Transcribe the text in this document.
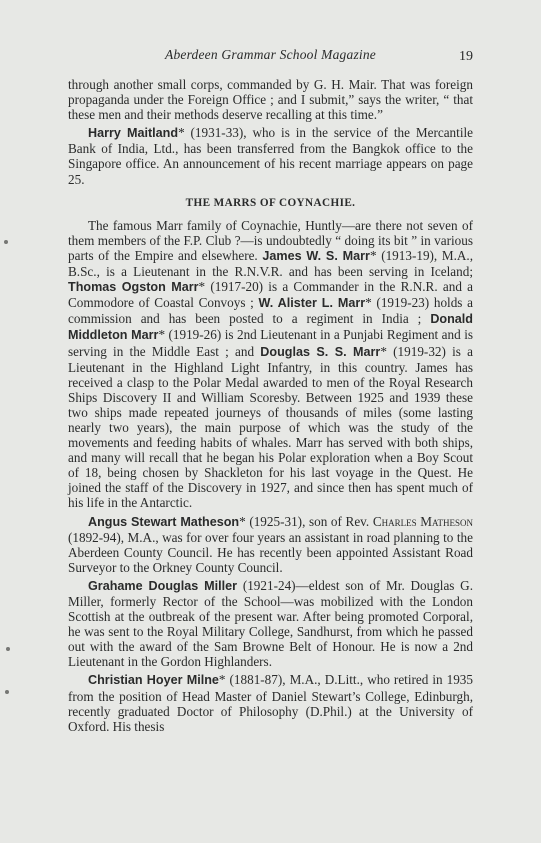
Aberdeen Grammar School Magazine	19

through another small corps, commanded by G. H. Mair. That was foreign propaganda under the Foreign Office ; and I submit,” says the writer, “ that these men and their methods deserve recalling at this time.”

Harry Maitland* (1931-33), who is in the service of the Mercantile Bank of India, Ltd., has been transferred from the Bangkok office to the Singapore office. An announcement of his recent marriage appears on page 25.

THE MARRS OF COYNACHIE.

The famous Marr family of Coynachie, Huntly—are there not seven of them members of the F.P. Club ?—is undoubtedly “ doing its bit ” in various parts of the Empire and elsewhere. James W. S. Marr* (1913-19), M.A., B.Sc., is a Lieutenant in the R.N.V.R. and has been serving in Iceland; Thomas Ogston Marr* (1917-20) is a Commander in the R.N.R. and a Commodore of Coastal Convoys ; W. Alister L. Marr* (1919-23) holds a commission and has been posted to a regiment in India ; Donald Middleton Marr* (1919-26) is 2nd Lieutenant in a Punjabi Regiment and is serving in the Middle East ; and Douglas S. S. Marr* (1919-32) is a Lieutenant in the Highland Light Infantry, in this country. James has received a clasp to the Polar Medal awarded to men of the Royal Research Ships Discovery II and William Scoresby. Between 1925 and 1939 these two ships made repeated journeys of thousands of miles (some lasting nearly two years), the main purpose of which was the study of the movements and feeding habits of whales. Marr has served with both ships, and many will recall that he began his Polar exploration when a Boy Scout of 18, being chosen by Shackleton for his last voyage in the Quest. He joined the staff of the Discovery in 1927, and since then has spent much of his life in the Antarctic.

Angus Stewart Matheson* (1925-31), son of Rev. Charles Matheson (1892-94), M.A., was for over four years an assistant in road planning to the Aberdeen County Council. He has recently been appointed Assistant Road Surveyor to the Orkney County Council.

Grahame Douglas Miller (1921-24)—eldest son of Mr. Douglas G. Miller, formerly Rector of the School—was mobilized with the London Scottish at the outbreak of the present war. After being promoted Corporal, he was sent to the Royal Military College, Sandhurst, from which he passed out with the award of the Sam Browne Belt of Honour. He is now a 2nd Lieutenant in the Gordon Highlanders.

Christian Hoyer Milne* (1881-87), M.A., D.Litt., who retired in 1935 from the position of Head Master of Daniel Stewart’s College, Edinburgh, recently graduated Doctor of Philosophy (D.Phil.) at the University of Oxford. His thesis
